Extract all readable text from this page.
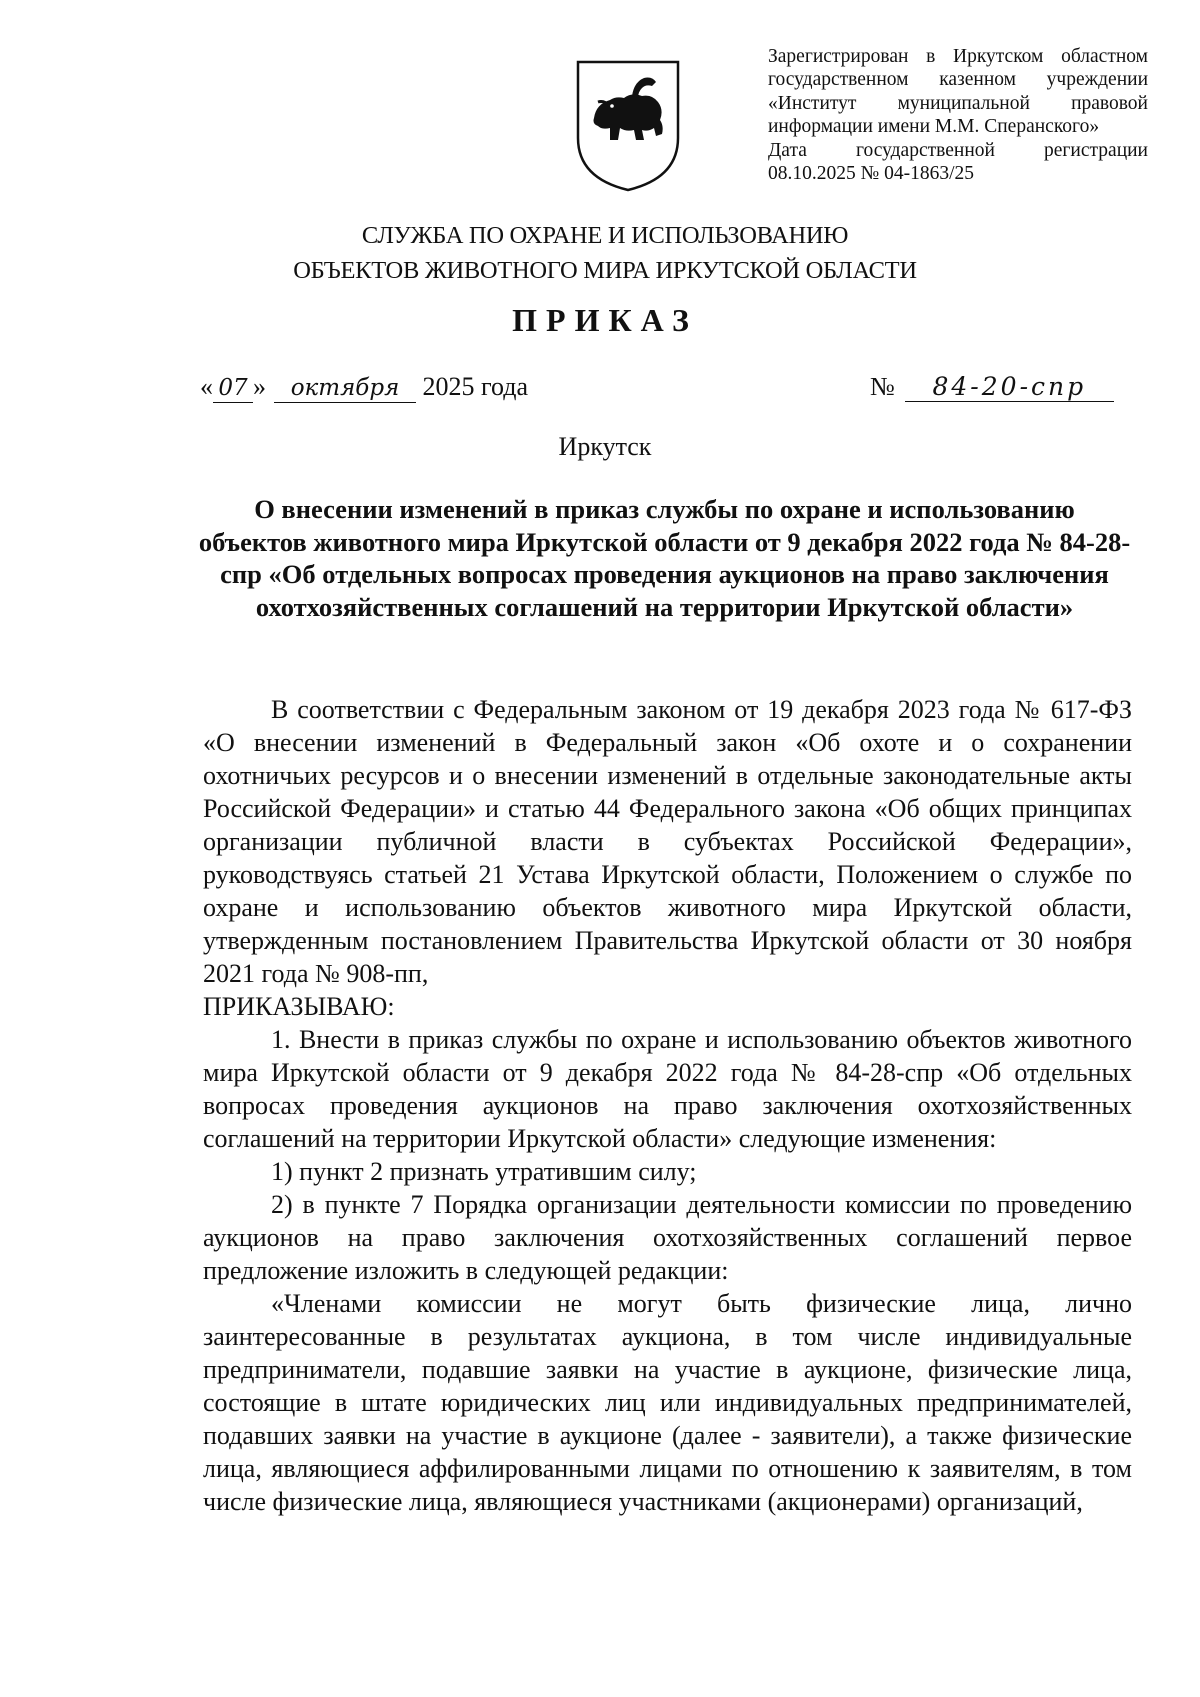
Зарегистрирован в Иркутском областном государственном казенном учреждении «Институт муниципальной правовой информации имени М.М. Сперанского»

Дата государственной регистрации 08.10.2025 № 04-1863/25

СЛУЖБА ПО ОХРАНЕ И ИСПОЛЬЗОВАНИЮ
ОБЪЕКТОВ ЖИВОТНОГО МИРА ИРКУТСКОЙ ОБЛАСТИ
ПРИКАЗ
« 07 » октября 2025 года	№ 84-20-спр
Иркутск
О внесении изменений в приказ службы по охране и использованию объектов животного мира Иркутской области от 9 декабря 2022 года № 84-28-спр «Об отдельных вопросах проведения аукционов на право заключения охотхозяйственных соглашений на территории Иркутской области»

В соответствии с Федеральным законом от 19 декабря 2023 года № 617-ФЗ «О внесении изменений в Федеральный закон «Об охоте и о сохранении охотничьих ресурсов и о внесении изменений в отдельные законодательные акты Российской Федерации» и статью 44 Федерального закона «Об общих принципах организации публичной власти в субъектах Российской Федерации», руководствуясь статьей 21 Устава Иркутской области, Положением о службе по охране и использованию объектов животного мира Иркутской области, утвержденным постановлением Правительства Иркутской области от 30 ноября 2021 года № 908-пп,

ПРИКАЗЫВАЮ:

1. Внести в приказ службы по охране и использованию объектов животного мира Иркутской области от 9 декабря 2022 года № 84-28-спр «Об отдельных вопросах проведения аукционов на право заключения охотхозяйственных соглашений на территории Иркутской области» следующие изменения:

1) пункт 2 признать утратившим силу;

2) в пункте 7 Порядка организации деятельности комиссии по проведению аукционов на право заключения охотхозяйственных соглашений первое предложение изложить в следующей редакции:

«Членами комиссии не могут быть физические лица, лично заинтересованные в результатах аукциона, в том числе индивидуальные предприниматели, подавшие заявки на участие в аукционе, физические лица, состоящие в штате юридических лиц или индивидуальных предпринимателей, подавших заявки на участие в аукционе (далее - заявители), а также физические лица, являющиеся аффилированными лицами по отношению к заявителям, в том числе физические лица, являющиеся участниками (акционерами) организаций,
